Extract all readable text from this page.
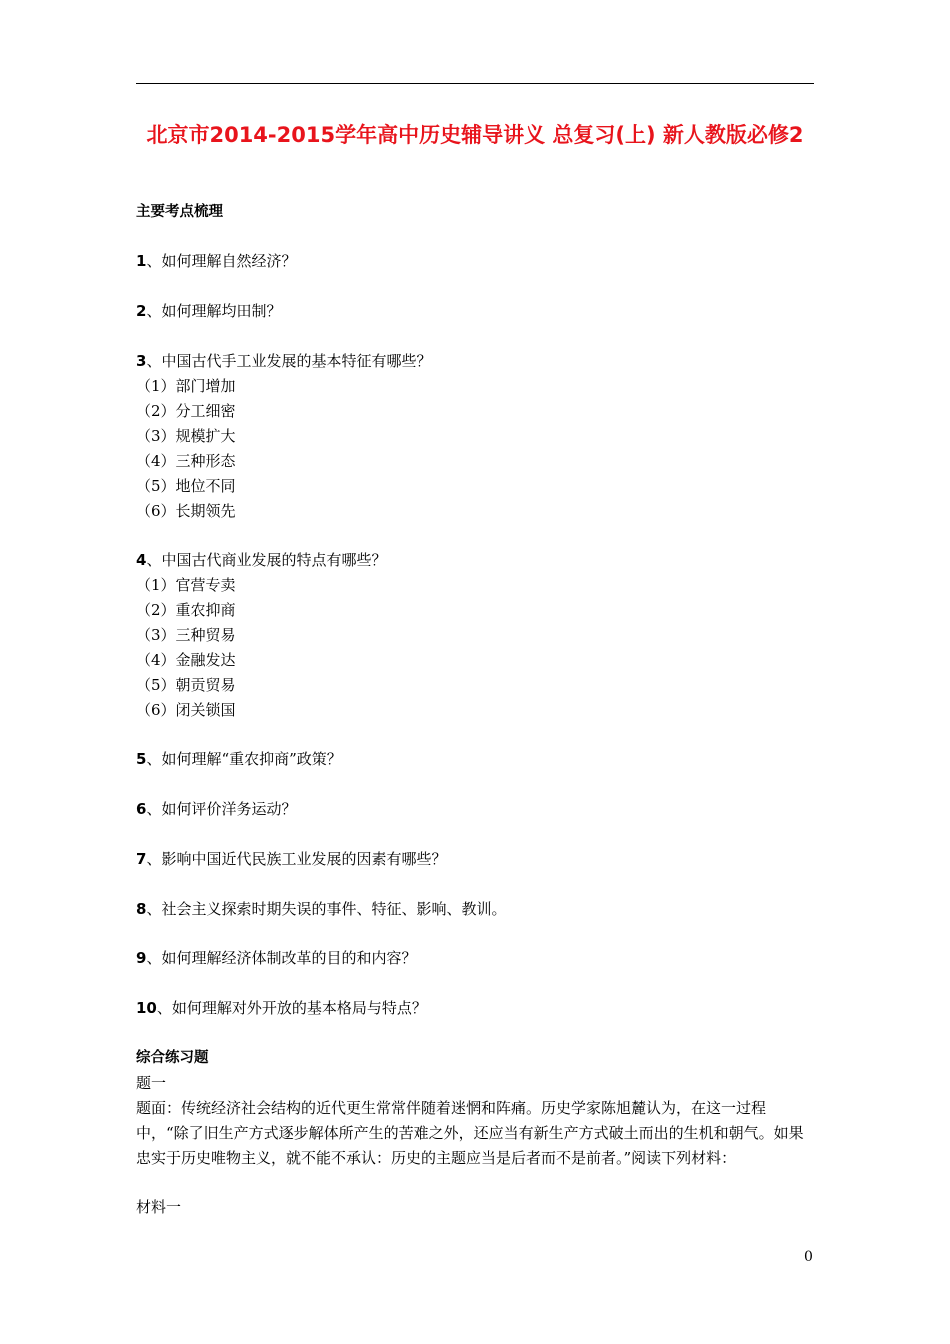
北京市2014-2015学年高中历史辅导讲义 总复习(上) 新人教版必修2
主要考点梳理
1、如何理解自然经济？
2、如何理解均田制？
3、中国古代手工业发展的基本特征有哪些？
（1）部门增加
（2）分工细密
（3）规模扩大
（4）三种形态
（5）地位不同
（6）长期领先
4、中国古代商业发展的特点有哪些？
（1）官营专卖
（2）重农抑商
（3）三种贸易
（4）金融发达
（5）朝贡贸易
（6）闭关锁国
5、如何理解“重农抑商”政策？
6、如何评价洋务运动？
7、影响中国近代民族工业发展的因素有哪些？
8、社会主义探索时期失误的事件、特征、影响、教训。
9、如何理解经济体制改革的目的和内容？
10、如何理解对外开放的基本格局与特点？
综合练习题
题一
题面：传统经济社会结构的近代更生常常伴随着迷惘和阵痛。历史学家陈旭麓认为，在这一过程中，“除了旧生产方式逐步解体所产生的苦难之外，还应当有新生产方式破土而出的生机和朝气。如果忠实于历史唯物主义，就不能不承认：历史的主题应当是后者而不是前者。”阅读下列材料：
材料一
0
